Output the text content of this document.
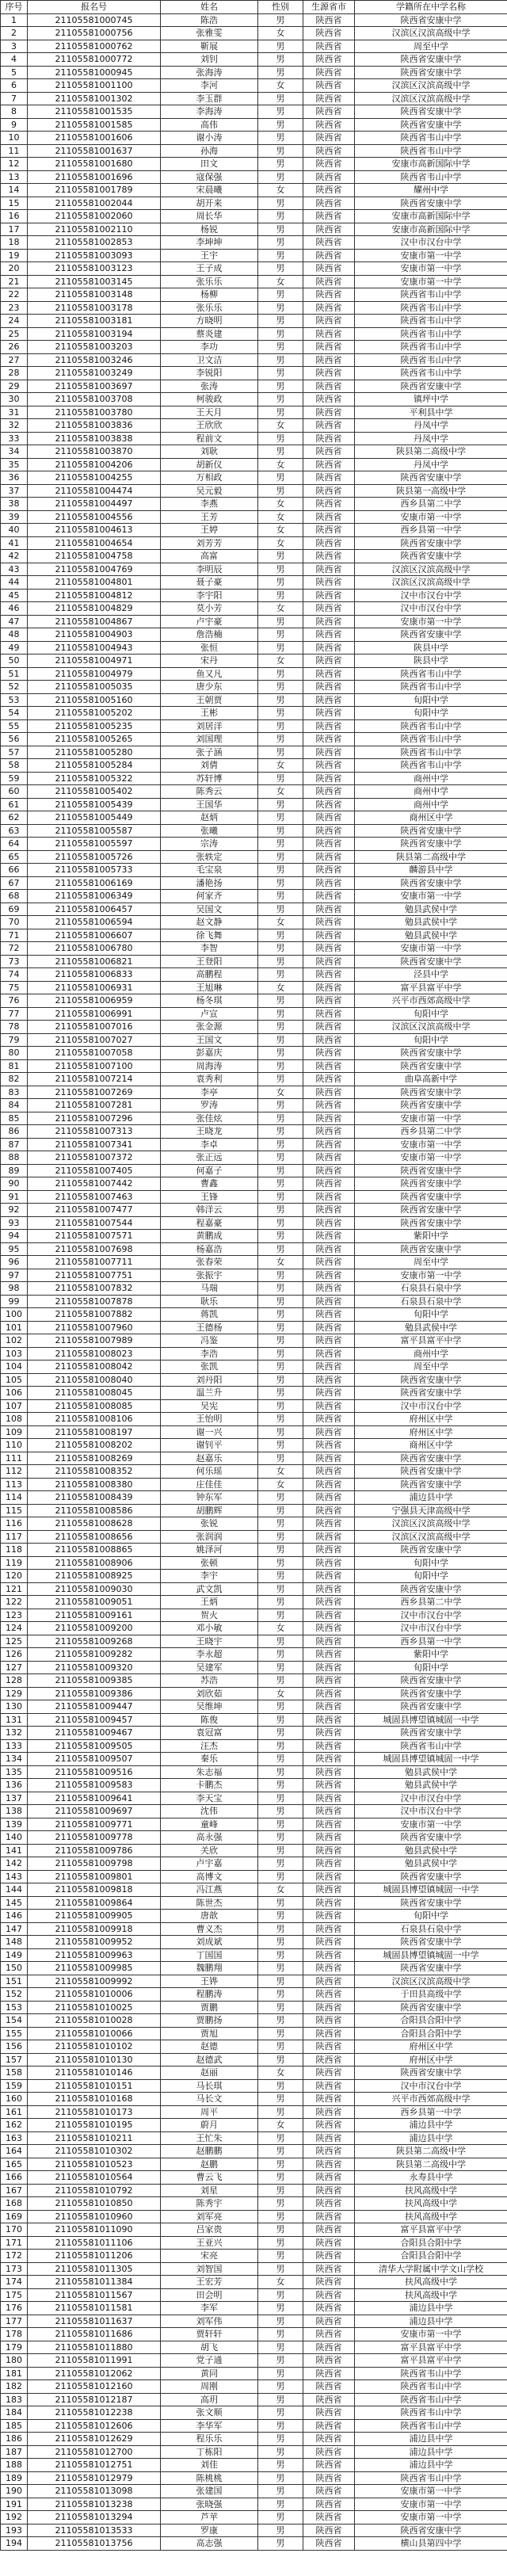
序号	报名号	姓名	性别	生源省市	学籍所在中学名称
1	21105581000745	陈浩	男	陕西省	陕西省安康中学
2	21105581000756	张雅雯	女	陕西省	汉滨区汉滨高级中学
3	21105581000762	靳展	男	陕西省	周至中学
4	21105581000772	刘钊	男	陕西省	陕西省安康中学
5	21105581000945	张海涛	男	陕西省	陕西省安康中学
6	21105581001100	李河	女	陕西省	汉滨区汉滨高级中学
7	21105581001302	李玉群	男	陕西省	汉滨区汉滨高级中学
8	21105581001535	李海涛	男	陕西省	陕西省安康中学
9	21105581001585	高伟	男	陕西省	陕西省安康中学
10	21105581001606	谢小涛	男	陕西省	陕西省韦山中学
11	21105581001637	孙海	男	陕西省	陕西省韦山中学
12	21105581001680	田文	男	陕西省	安康市高新国际中学
13	21105581001696	寇保强	男	陕西省	陕西省韦山中学
14	21105581001789	宋晨曦	女	陕西省	耀州中学
15	21105581002044	胡开来	男	陕西省	陕西省安康中学
16	21105581002060	周长华	男	陕西省	安康市高新国际中学
17	21105581002110	杨锐	男	陕西省	安康市高新国际中学
18	21105581002853	李坤坤	男	陕西省	汉中市汉台中学
19	21105581003093	王宇	男	陕西省	安康市第一中学
20	21105581003123	王子成	男	陕西省	安康市第一中学
21	21105581003145	张乐乐	女	陕西省	安康市第一中学
22	21105581003148	杨柳	男	陕西省	陕西省韦山中学
23	21105581003178	张乐乐	男	陕西省	陕西省韦山中学
24	21105581003181	方晓明	男	陕西省	陕西省韦山中学
25	21105581003194	蔡炎建	男	陕西省	陕西省韦山中学
26	21105581003203	李功	男	陕西省	陕西省韦山中学
27	21105581003246	卫文洁	男	陕西省	陕西省韦山中学
28	21105581003249	李锐阳	男	陕西省	陕西省韦山中学
29	21105581003697	张涛	男	陕西省	陕西省安康中学
30	21105581003708	柯骏政	男	陕西省	镇坪中学
31	21105581003780	王天月	男	陕西省	平利县中学
32	21105581003836	王欣欣	女	陕西省	丹凤中学
33	21105581003838	程前文	男	陕西省	丹凤中学
34	21105581003870	刘耿	男	陕西省	陕县第二高级中学
35	21105581004206	胡新仪	女	陕西省	丹凤中学
36	21105581004255	万相政	男	陕西省	陕西省安康中学
37	21105581004474	吴元毅	男	陕西省	陕县第一高级中学
38	21105581004497	李燕	女	陕西省	西乡县第二中学
39	21105581004556	王芳	女	陕西省	安康市第一中学
40	21105581004613	王婷	女	陕西省	西乡县第一中学
41	21105581004654	刘芳芳	女	陕西省	陕西省安康中学
42	21105581004758	高富	男	陕西省	陕西省安康中学
43	21105581004769	李明辰	男	陕西省	汉滨区汉滨高级中学
44	21105581004801	聂子豪	男	陕西省	汉滨区汉滨高级中学
45	21105581004812	李宇阳	男	陕西省	汉中市汉台中学
46	21105581004829	莫小芳	女	陕西省	汉中市汉台中学
47	21105581004867	卢宇豪	男	陕西省	安康市第一中学
48	21105581004903	詹浩楠	男	陕西省	陕西省安康中学
49	21105581004943	张恒	男	陕西省	陕县中学
50	21105581004971	宋丹	女	陕西省	陕县中学
51	21105581004979	鱼又凡	男	陕西省	陕西省韦山中学
52	21105581005035	唐少东	男	陕西省	陕西省韦山中学
53	21105581005160	王朝贾	男	陕西省	旬阳中学
54	21105581005202	王彬	男	陕西省	旬阳中学
55	21105581005235	刘居洋	男	陕西省	陕西省韦山中学
56	21105581005265	刘国理	男	陕西省	陕西省韦山中学
57	21105581005280	张子涵	男	陕西省	陕西省韦山中学
58	21105581005284	刘倩	女	陕西省	陕西省韦山中学
59	21105581005322	苏轩博	男	陕西省	商州中学
60	21105581005402	陈秀云	女	陕西省	商州中学
61	21105581005439	王国华	男	陕西省	商州中学
62	21105581005449	赵炳	男	陕西省	商州区中学
63	21105581005587	张曦	男	陕西省	陕西省安康中学
64	21105581005597	宗涛	男	陕西省	陕西省安康中学
65	21105581005726	张轶定	男	陕西省	陕县第二高级中学
66	21105581005733	毛宝泉	男	陕西省	麟游县中学
67	21105581006169	潘艳扬	男	陕西省	陕西省安康中学
68	21105581006349	何家齐	男	陕西省	安康市第一中学
69	21105581006457	吴国文	男	陕西省	勉县武侯中学
70	21105581006594	赵文静	女	陕西省	勉县武侯中学
71	21105581006607	徐飞舞	男	陕西省	勉县武侯中学
72	21105581006780	李智	男	陕西省	安康市第一中学
73	21105581006821	王登阳	男	陕西省	陕西省安康中学
74	21105581006833	高鹏程	男	陕西省	泾县中学
75	21105581006931	王旭琳	女	陕西省	富平县富平中学
76	21105581006959	杨冬琪	男	陕西省	兴平市西郊高级中学
77	21105581006991	卢宣	男	陕西省	旬阳中学
78	21105581007016	张金源	男	陕西省	汉滨区汉滨高级中学
79	21105581007027	王国文	男	陕西省	旬阳中学
80	21105581007058	彭嘉庆	男	陕西省	陕西省安康中学
81	21105581007100	周海涛	男	陕西省	陕西省安康中学
82	21105581007214	袁秀利	男	陕西省	曲阜高新中学
83	21105581007269	李亭	女	陕西省	陕西省安康中学
84	21105581007281	罗涛	男	陕西省	陕西省安康中学
85	21105581007296	张佳炫	男	陕西省	安康市第一中学
86	21105581007313	王晓龙	男	陕西省	西乡县第二中学
87	21105581007341	李卓	男	陕西省	安康市第一中学
88	21105581007372	张正远	男	陕西省	安康市第一中学
89	21105581007405	何嘉子	男	陕西省	陕西省安康中学
90	21105581007442	曹鑫	男	陕西省	陕西省安康中学
91	21105581007463	王锋	男	陕西省	陕西省安康中学
92	21105581007477	韩洋云	男	陕西省	陕西省安康中学
93	21105581007544	程嘉豪	男	陕西省	陕西省安康中学
94	21105581007571	黄鹏成	男	陕西省	紫阳中学
95	21105581007698	杨嘉浩	男	陕西省	陕西省安康中学
96	21105581007711	张春荣	女	陕西省	周至中学
97	21105581007751	张振宇	男	陕西省	安康市第一中学
98	21105581007832	马瑞	男	陕西省	石泉县石泉中学
99	21105581007878	耿乐	男	陕西省	石泉县石泉中学
100	21105581007882	蒋凯	男	陕西省	旬阳中学
101	21105581007960	王德杨	男	陕西省	勉县武侯中学
102	21105581007989	冯鉴	男	陕西省	富平县富平中学
103	21105581008023	李浩	男	陕西省	商州中学
104	21105581008042	张凯	男	陕西省	周至中学
105	21105581008040	刘丹阳	男	陕西省	陕西省安康中学
106	21105581008045	温兰升	男	陕西省	陕西省安康中学
107	21105581008085	吴宪	男	陕西省	汉中市汉台中学
108	21105581008106	王怡明	男	陕西省	府州区中学
109	21105581008197	谢一兴	男	陕西省	府州区中学
110	21105581008202	谢钊平	男	陕西省	商州区中学
111	21105581008269	赵嘉乐	男	陕西省	陕西省安康中学
112	21105581008352	何乐瑶	女	陕西省	陕西省安康中学
113	21105581008380	庄佳佳	女	陕西省	陕西省安康中学
114	21105581008439	钟东军	男	陕西省	浦边县中学
115	21105581008586	胡鹏辉	男	陕西省	宁强县天津高级中学
116	21105581008628	张锐	男	陕西省	汉滨区汉滨高级中学
117	21105581008656	张润润	男	陕西省	汉滨区汉滨高级中学
118	21105581008865	姚泽河	男	陕西省	陕西省安康中学
119	21105581008906	张顿	男	陕西省	旬阳中学
120	21105581008925	李宇	男	陕西省	旬阳中学
121	21105581009030	武文凯	男	陕西省	陕西省安康中学
122	21105581009051	王炳	男	陕西省	西乡县第二中学
123	21105581009161	贺火	男	陕西省	汉中市汉台中学
124	21105581009200	邓小敏	女	陕西省	汉中市汉台中学
125	21105581009268	王晓宇	男	陕西省	西乡县第一中学
126	21105581009282	李永超	男	陕西省	紫阳中学
127	21105581009320	吴建军	男	陕西省	旬阳中学
128	21105581009385	苏浩	男	陕西省	陕西省安康中学
129	21105581009386	刘欣茹	女	陕西省	陕西省安康中学
130	21105581009447	吴维坤	男	陕西省	陕西省安康中学
131	21105581009457	陈俊	男	陕西省	城固县博望镇城固一中学
132	21105581009467	袁冠富	男	陕西省	陕西省安康中学
133	21105581009505	汪杰	男	陕西省	陕西省韦山中学
134	21105581009507	秦乐	男	陕西省	城固县博望镇城固一中学
135	21105581009516	朱志福	男	陕西省	勉县武侯中学
136	21105581009583	卡鹏杰	男	陕西省	勉县武侯中学
137	21105581009641	李天宝	男	陕西省	汉中市汉台中学
138	21105581009697	沈伟	男	陕西省	汉中市汉台中学
139	21105581009771	童峰	男	陕西省	安康市第一中学
140	21105581009778	高永强	男	陕西省	陕西省安康中学
141	21105581009786	关欣	男	陕西省	勉县武侯中学
142	21105581009798	卢宇嘉	男	陕西省	勉县武侯中学
143	21105581009801	高博文	男	陕西省	陕西省安康中学
144	21105581009818	冯江燕	女	陕西省	城固县博望镇城固一中学
145	21105581009864	陈世杰	男	陕西省	陕西省安康中学
146	21105581009905	唐歆	男	陕西省	旬阳中学
147	21105581009918	曹义杰	男	陕西省	石泉县石泉中学
148	21105581009952	刘成斌	男	陕西省	陕西省安康中学
149	21105581009963	丁国国	男	陕西省	城固县博望镇城固一中学
150	21105581009985	魏鹏翔	男	陕西省	陕西省安康中学
151	21105581009992	王铧	男	陕西省	汉滨区汉滨高级中学
152	21105581010006	程鹏涛	男	陕西省	于田县高级中学
153	21105581010025	贾鹏	男	陕西省	陕西省安康中学
154	21105581010028	贾鹏扬	男	陕西省	合阳县合阳中学
155	21105581010066	贾旭	男	陕西省	合阳县合阳中学
156	21105581010102	赵德	男	陕西省	府州区中学
157	21105581010130	赵德武	男	陕西省	府州区中学
158	21105581010146	赵丽	女	陕西省	陕西省安康中学
159	21105581010151	马长琪	男	陕西省	汉中市汉台中学
160	21105581010168	马长文	男	陕西省	兴平市西郊高级中学
161	21105581010173	周平	男	陕西省	西乡县第一中学
162	21105581010195	蔚月	女	陕西省	浦边县中学
163	21105581010211	王忙朱	男	陕西省	浦边县中学
164	21105581010302	赵鹏鹏	男	陕西省	陕县第二高级中学
165	21105581010523	赵鹏	男	陕西省	陕县第二高级中学
166	21105581010564	曹云飞	男	陕西省	永寿县中学
167	21105581010792	刘星	男	陕西省	扶风高级中学
168	21105581010850	陈秀宇	男	陕西省	扶风高级中学
169	21105581010960	刘军亮	男	陕西省	扶风高级中学
170	21105581011090	吕家贵	男	陕西省	富平县富平中学
171	21105581011106	王亚兴	男	陕西省	合阳县合阳中学
172	21105581011206	宋亮	男	陕西省	合阳县合阳中学
173	21105581011305	刘智国	男	陕西省	清华大学附属中学文山学校
174	21105581011384	王宏芳	女	陕西省	扶风高级中学
175	21105581011567	田会明	男	陕西省	扶风高级中学
176	21105581011581	李军	男	陕西省	浦边县中学
177	21105581011637	刘军伟	男	陕西省	浦边县中学
178	21105581011686	贾轩轩	男	陕西省	安康市第一中学
179	21105581011880	胡飞	男	陕西省	富平县富平中学
180	21105581011991	党子通	男	陕西省	富平县富平中学
181	21105581012062	黄同	男	陕西省	陕西省韦山中学
182	21105581012160	周刚	男	陕西省	陕西省韦山中学
183	21105581012187	高玥	男	陕西省	陕西省韦山中学
184	21105581012238	张文顺	男	陕西省	陕西省韦山中学
185	21105581012606	李华军	男	陕西省	陕西省韦山中学
186	21105581012629	程乐乐	男	陕西省	浦边县中学
187	21105581012700	丁栋阳	男	陕西省	浦边县中学
188	21105581012751	刘佳	男	陕西省	浦边县中学
189	21105581012979	陈桃桃	男	陕西省	陕西省韦山中学
190	21105581013098	张建国	男	陕西省	安康市第一中学
191	21105581013238	张晓强	男	陕西省	安康市第一中学
192	21105581013294	芦苹	男	陕西省	安康市第一中学
193	21105581013533	罗康	男	陕西省	陕西省安康中学
194	21105581013756	高志强	男	陕西省	横山县第四中学
